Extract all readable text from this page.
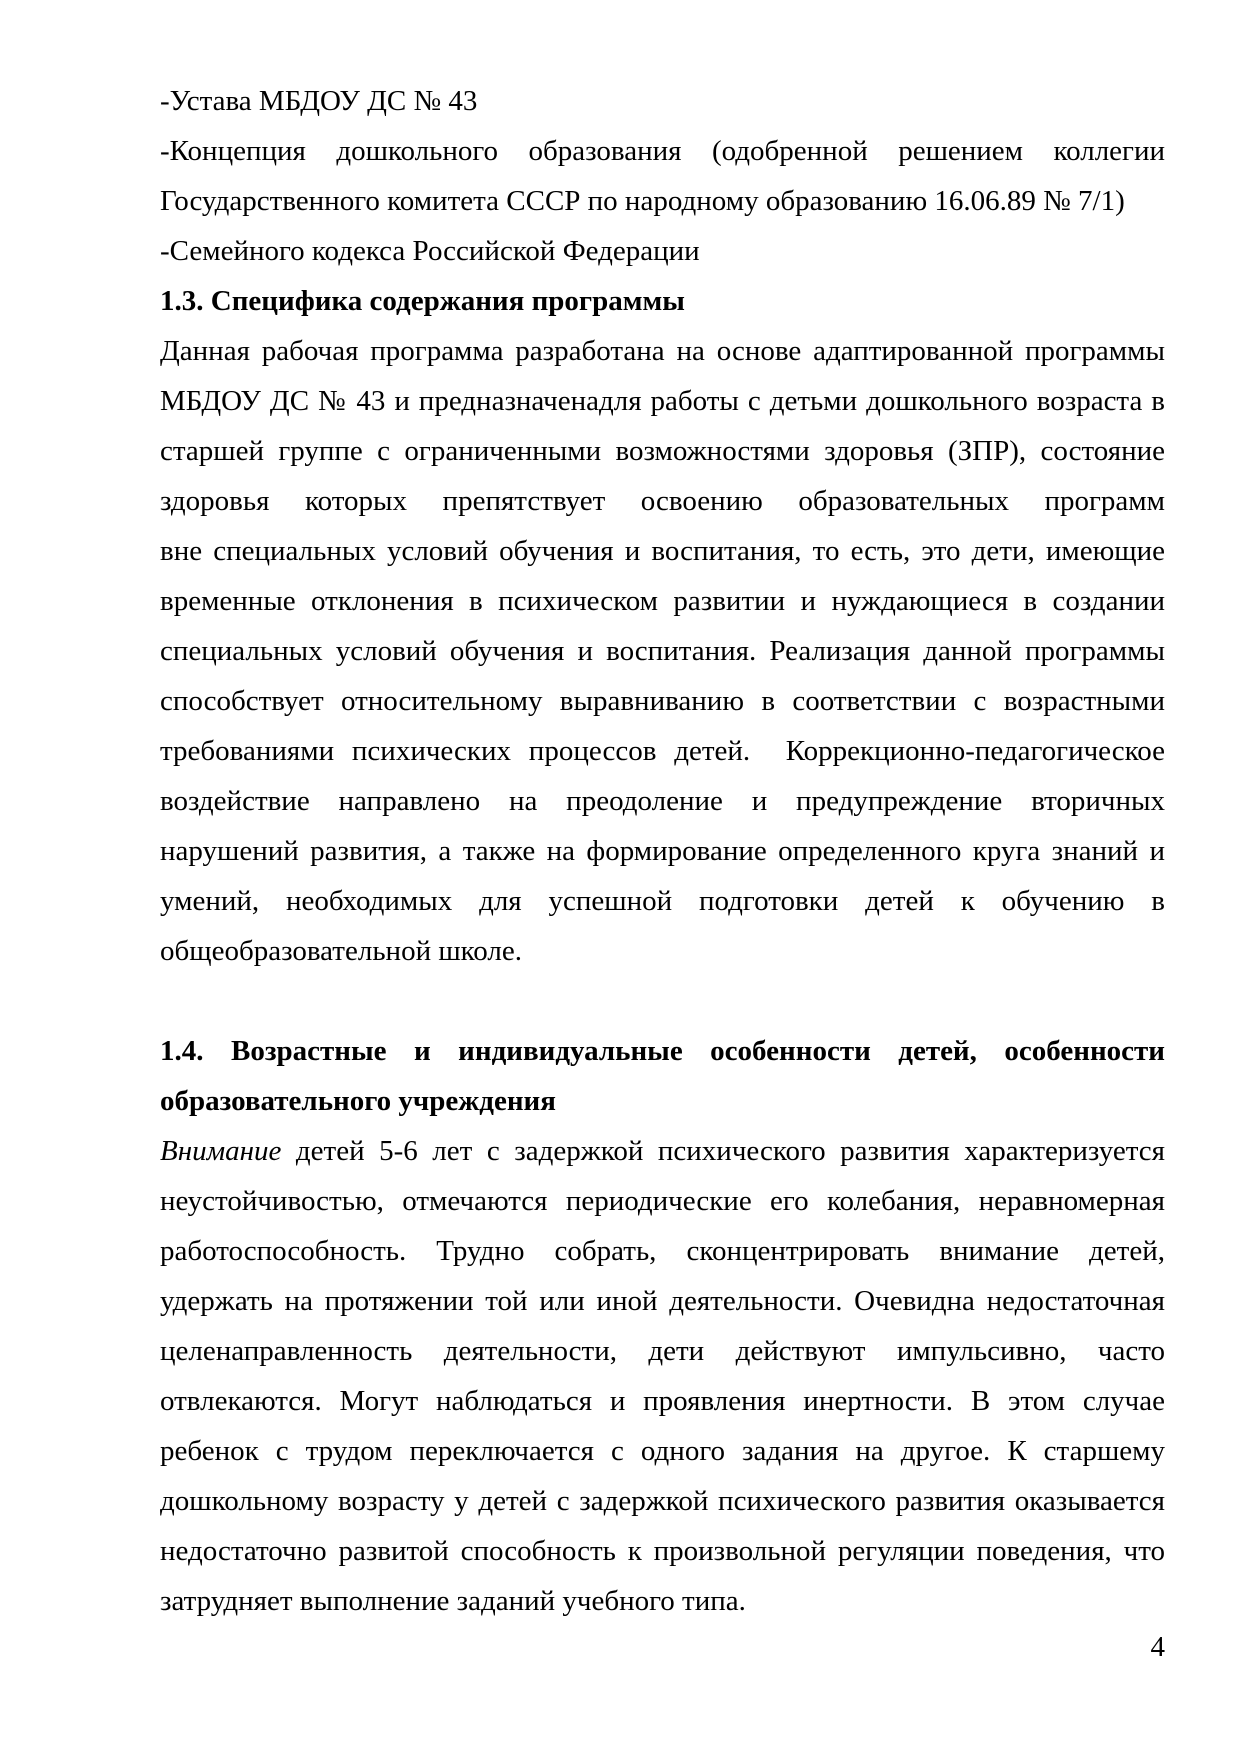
-Устава МБДОУ ДС № 43
-Концепция дошкольного образования (одобренной решением коллегии
Государственного комитета СССР по народному образованию 16.06.89 № 7/1)
-Семейного кодекса Российской Федерации
1.3. Специфика содержания программы
Данная рабочая программа разработана на основе адаптированной программы
МБДОУ ДС № 43 и предназначенадля работы с детьми дошкольного возраста в
старшей группе с ограниченными возможностями здоровья (ЗПР), состояние
здоровья которых препятствует освоению образовательных программ
вне специальных условий обучения и воспитания, то есть, это дети, имеющие
временные отклонения в психическом развитии и нуждающиеся в создании
специальных условий обучения и воспитания. Реализация данной программы
способствует относительному выравниванию в соответствии с возрастными
требованиями психических процессов детей.  Коррекционно-педагогическое
воздействие направлено на преодоление и предупреждение вторичных
нарушений развития, а также на формирование определенного круга знаний и
умений, необходимых для успешной подготовки детей к обучению в
общеобразовательной школе.
1.4. Возрастные и индивидуальные особенности детей, особенности
образовательного учреждения
Внимание детей 5-6 лет с задержкой психического развития характеризуется
неустойчивостью, отмечаются периодические его колебания, неравномерная
работоспособность. Трудно собрать, сконцентрировать внимание детей,
удержать на протяжении той или иной деятельности. Очевидна недостаточная
целенаправленность деятельности, дети действуют импульсивно, часто
отвлекаются. Могут наблюдаться и проявления инертности. В этом случае
ребенок с трудом переключается с одного задания на другое. К старшему
дошкольному возрасту у детей с задержкой психического развития оказывается
недостаточно развитой способность к произвольной регуляции поведения, что
затрудняет выполнение заданий учебного типа.
4
